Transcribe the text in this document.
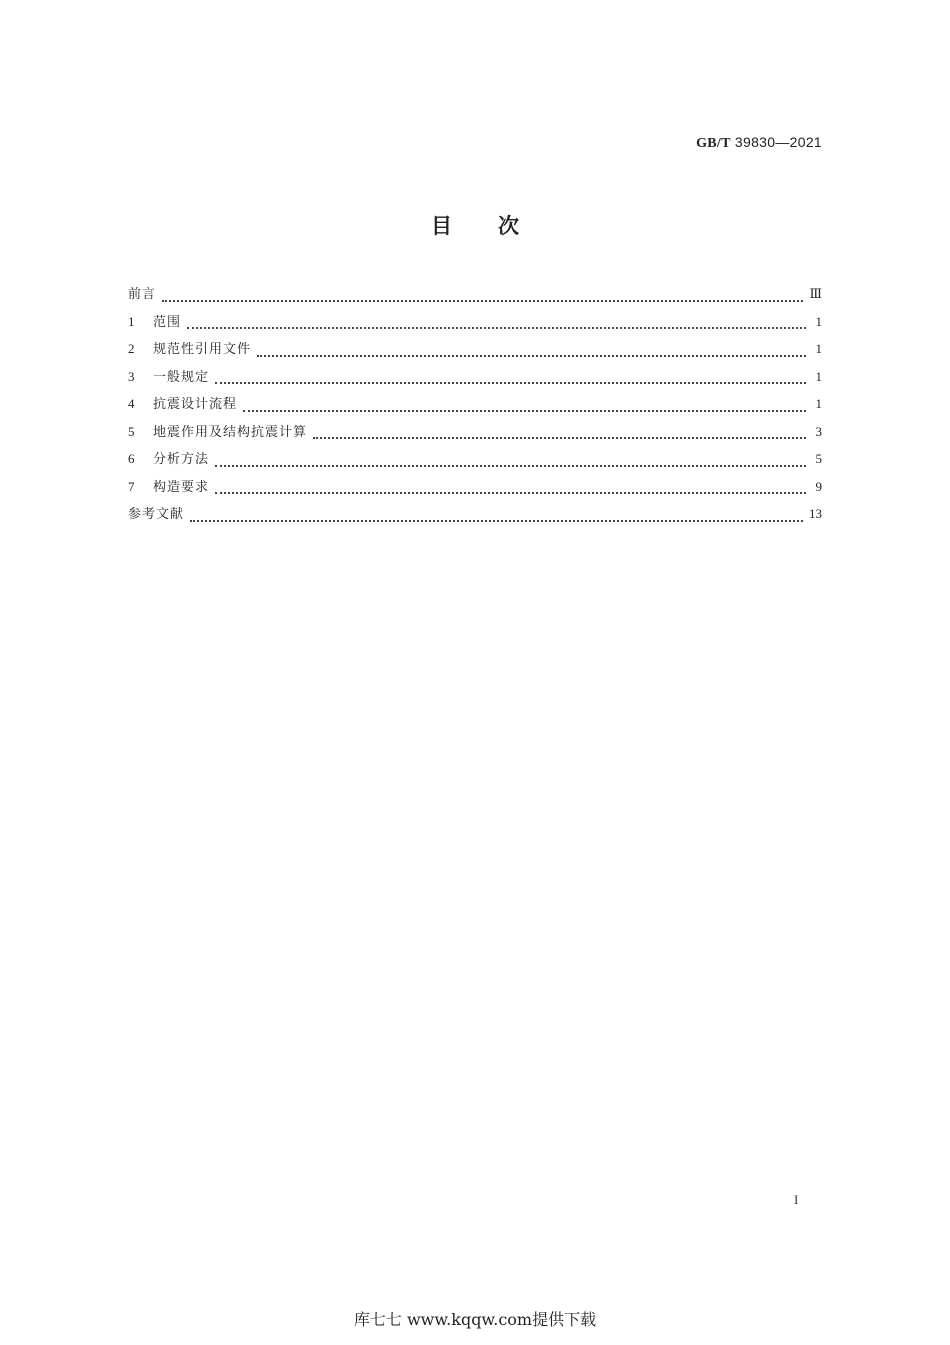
GB/T 39830—2021
目次
前言	Ⅲ
1	范围	1
2	规范性引用文件	1
3	一般规定	1
4	抗震设计流程	1
5	地震作用及结构抗震计算	3
6	分析方法	5
7	构造要求	9
参考文献	13
I
库七七 www.kqqw.com提供下载
